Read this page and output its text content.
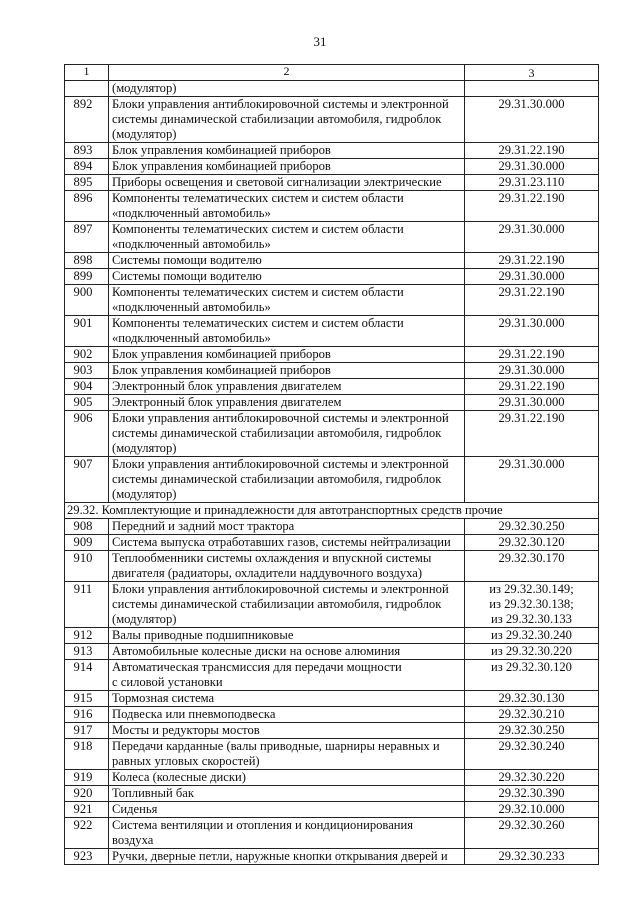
31
1	2	3

	(модулятор)	

892	Блоки управления антиблокировочной системы и электронной
системы динамической стабилизации автомобиля, гидроблок
(модулятор)	29.31.30.000

893	Блок управления комбинацией приборов	29.31.22.190

894	Блок управления комбинацией приборов	29.31.30.000

895	Приборы освещения и световой сигнализации электрические	29.31.23.110

896	Компоненты телематических систем и систем области
«подключенный автомобиль»	29.31.22.190

897	Компоненты телематических систем и систем области
«подключенный автомобиль»	29.31.30.000

898	Системы помощи водителю	29.31.22.190

899	Системы помощи водителю	29.31.30.000

900	Компоненты телематических систем и систем области
«подключенный автомобиль»	29.31.22.190

901	Компоненты телематических систем и систем области
«подключенный автомобиль»	29.31.30.000

902	Блок управления комбинацией приборов	29.31.22.190

903	Блок управления комбинацией приборов	29.31.30.000

904	Электронный блок управления двигателем	29.31.22.190

905	Электронный блок управления двигателем	29.31.30.000

906	Блоки управления антиблокировочной системы и электронной
системы динамической стабилизации автомобиля, гидроблок
(модулятор)	29.31.22.190

907	Блоки управления антиблокировочной системы и электронной
системы динамической стабилизации автомобиля, гидроблок
(модулятор)	29.31.30.000

29.32. Комплектующие и принадлежности для автотранспортных средств прочие		
908	Передний и задний мост трактора	29.32.30.250

909	Система выпуска отработавших газов, системы нейтрализации	29.32.30.120

910	Теплообменники системы охлаждения и впускной системы
двигателя (радиаторы, охладители наддувочного воздуха)	29.32.30.170

911	Блоки управления антиблокировочной системы и электронной
системы динамической стабилизации автомобиля, гидроблок
(модулятор)	из 29.32.30.149;
из 29.32.30.138;
из 29.32.30.133

912	Валы приводные подшипниковые	из 29.32.30.240

913	Автомобильные колесные диски на основе алюминия	из 29.32.30.220

914	Автоматическая трансмиссия для передачи мощности
с силовой установки	из 29.32.30.120

915	Тормозная система	29.32.30.130

916	Подвеска или пневмоподвеска	29.32.30.210

917	Мосты и редукторы мостов	29.32.30.250

918	Передачи карданные (валы приводные, шарниры неравных и
равных угловых скоростей)	29.32.30.240

919	Колеса (колесные диски)	29.32.30.220

920	Топливный бак	29.32.30.390

921	Сиденья	29.32.10.000

922	Система вентиляции и отопления и кондиционирования
воздуха	29.32.30.260

923	Ручки, дверные петли, наружные кнопки открывания дверей и	29.32.30.233
